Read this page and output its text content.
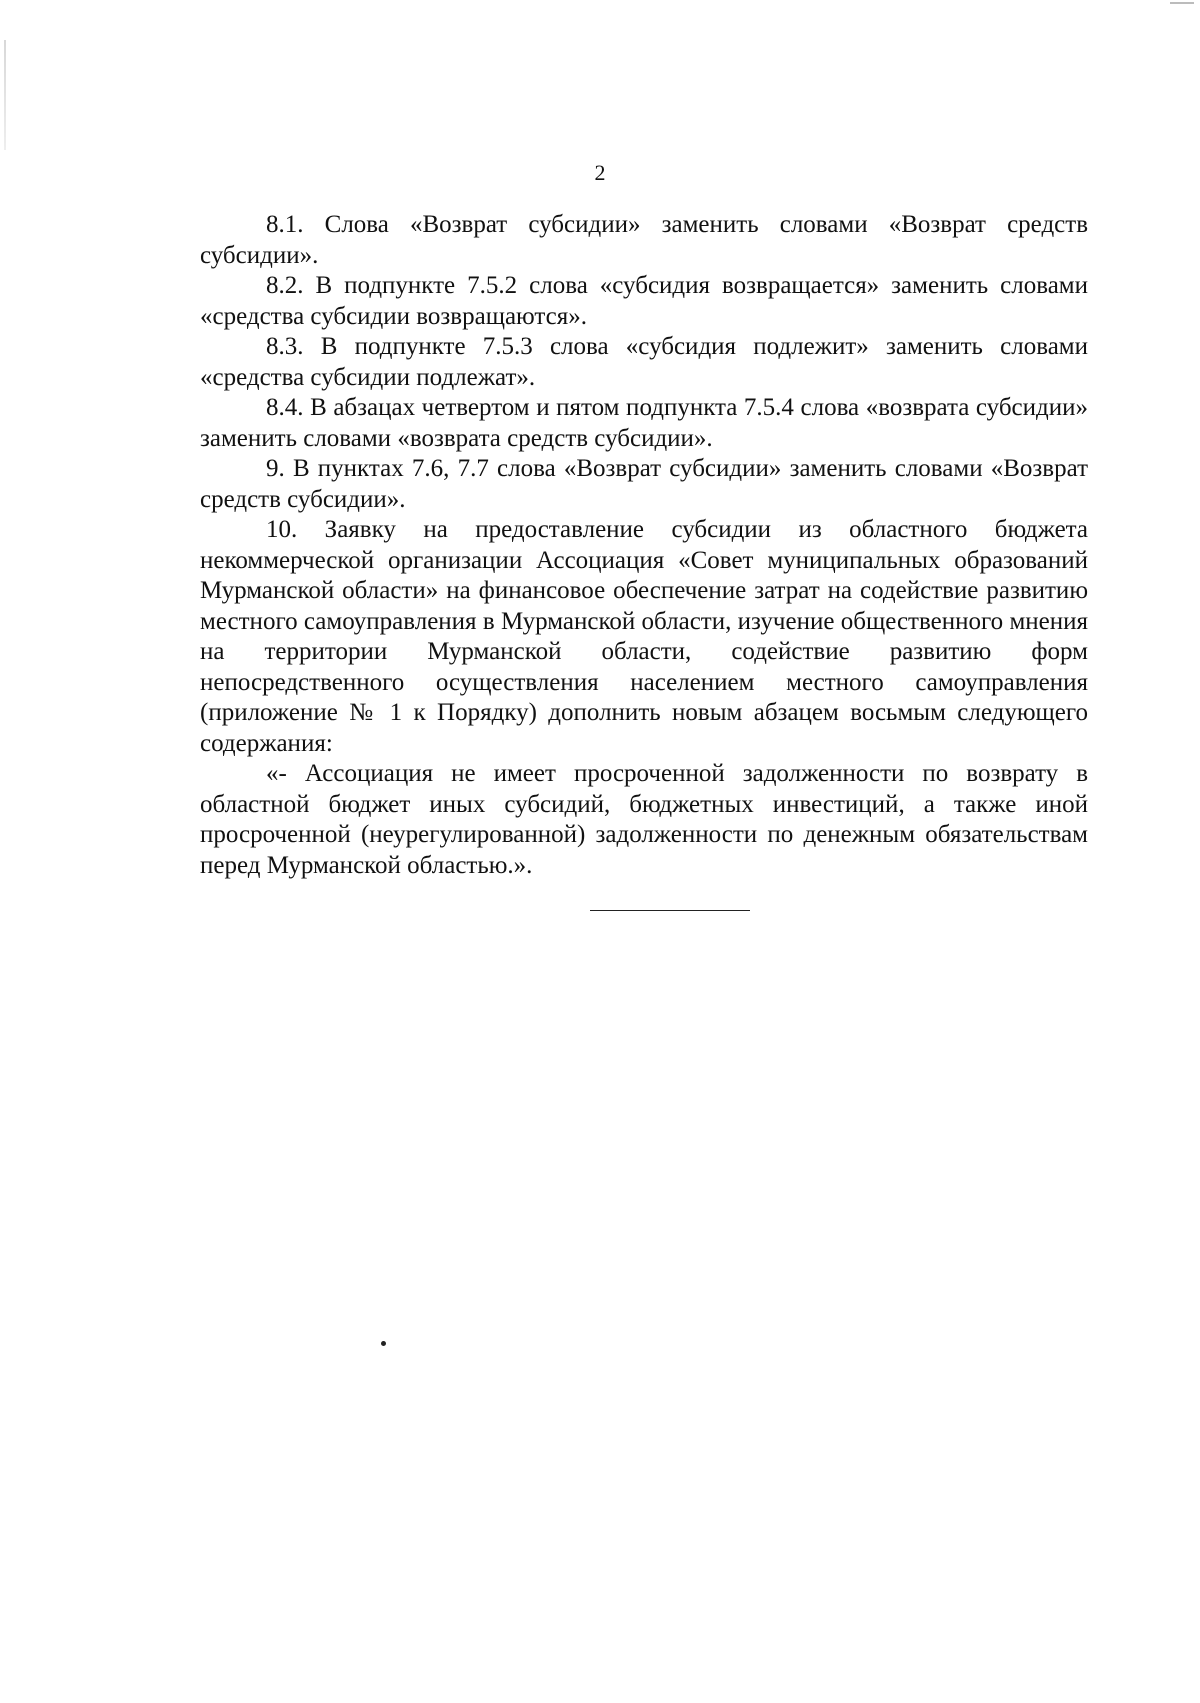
2

8.1. Слова «Возврат субсидии» заменить словами «Возврат средств субсидии».

8.2. В подпункте 7.5.2 слова «субсидия возвращается» заменить словами «средства субсидии возвращаются».

8.3. В подпункте 7.5.3 слова «субсидия подлежит» заменить словами «средства субсидии подлежат».

8.4. В абзацах четвертом и пятом подпункта 7.5.4 слова «возврата субсидии» заменить словами «возврата средств субсидии».

9. В пунктах 7.6, 7.7 слова «Возврат субсидии» заменить словами «Возврат средств субсидии».

10. Заявку на предоставление субсидии из областного бюджета некоммерческой организации Ассоциация «Совет муниципальных образований Мурманской области» на финансовое обеспечение затрат на содействие развитию местного самоуправления в Мурманской области, изучение общественного мнения на территории Мурманской области, содействие развитию форм непосредственного осуществления населением местного самоуправления (приложение № 1 к Порядку) дополнить новым абзацем восьмым следующего содержания:

«- Ассоциация не имеет просроченной задолженности по возврату в областной бюджет иных субсидий, бюджетных инвестиций, а также иной просроченной (неурегулированной) задолженности по денежным обязательствам перед Мурманской областью.».
